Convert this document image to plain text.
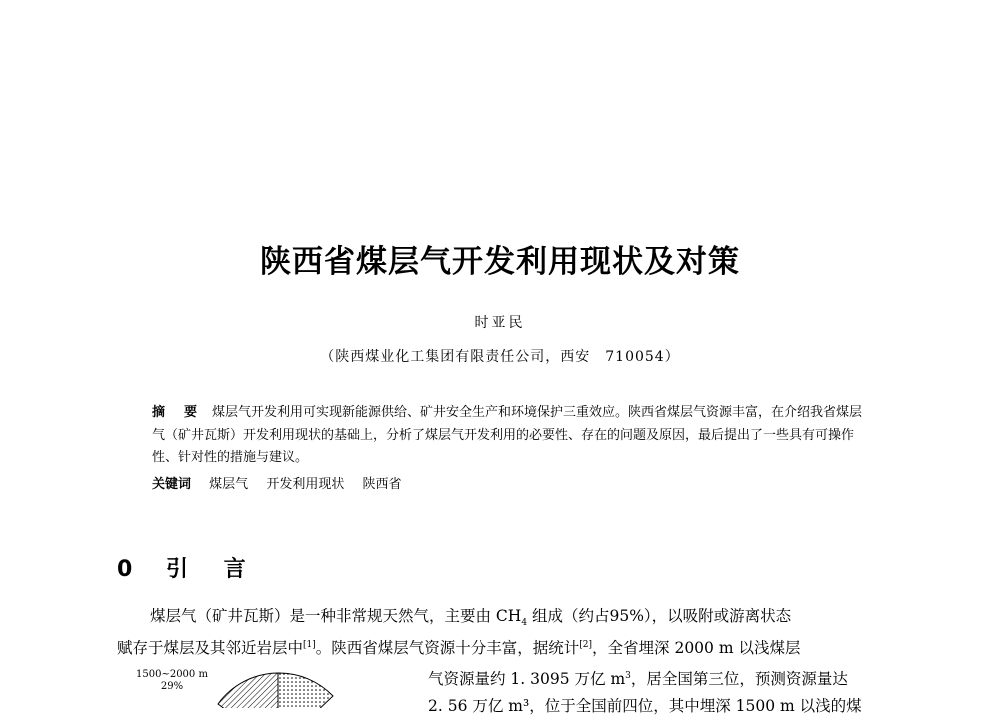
陕西省煤层气开发利用现状及对策
时亚民
（陕西煤业化工集团有限责任公司，西安　710054）
摘　要 煤层气开发利用可实现新能源供给、矿井安全生产和环境保护三重效应。陕西省煤层气资源丰富，在介绍我省煤层气（矿井瓦斯）开发利用现状的基础上，分析了煤层气开发利用的必要性、存在的问题及原因，最后提出了一些具有可操作性、针对性的措施与建议。
关键词 煤层气 开发利用现状 陕西省
0 引 言
煤层气（矿井瓦斯）是一种非常规天然气，主要由 $CH_4$ 组成（约占95%），以吸附或游离状态
赋存于煤层及其邻近岩层中[1]。陕西省煤层气资源十分丰富，据统计[2]，全省埋深 2000 m 以浅煤层
气资源量约 1. 3095 万亿 $m^3$，居全国第三位，预测资源量达
2. 56 万亿 m³，位于全国前四位，其中埋深 1500 m 以浅的煤
1500~2000 m
29%
